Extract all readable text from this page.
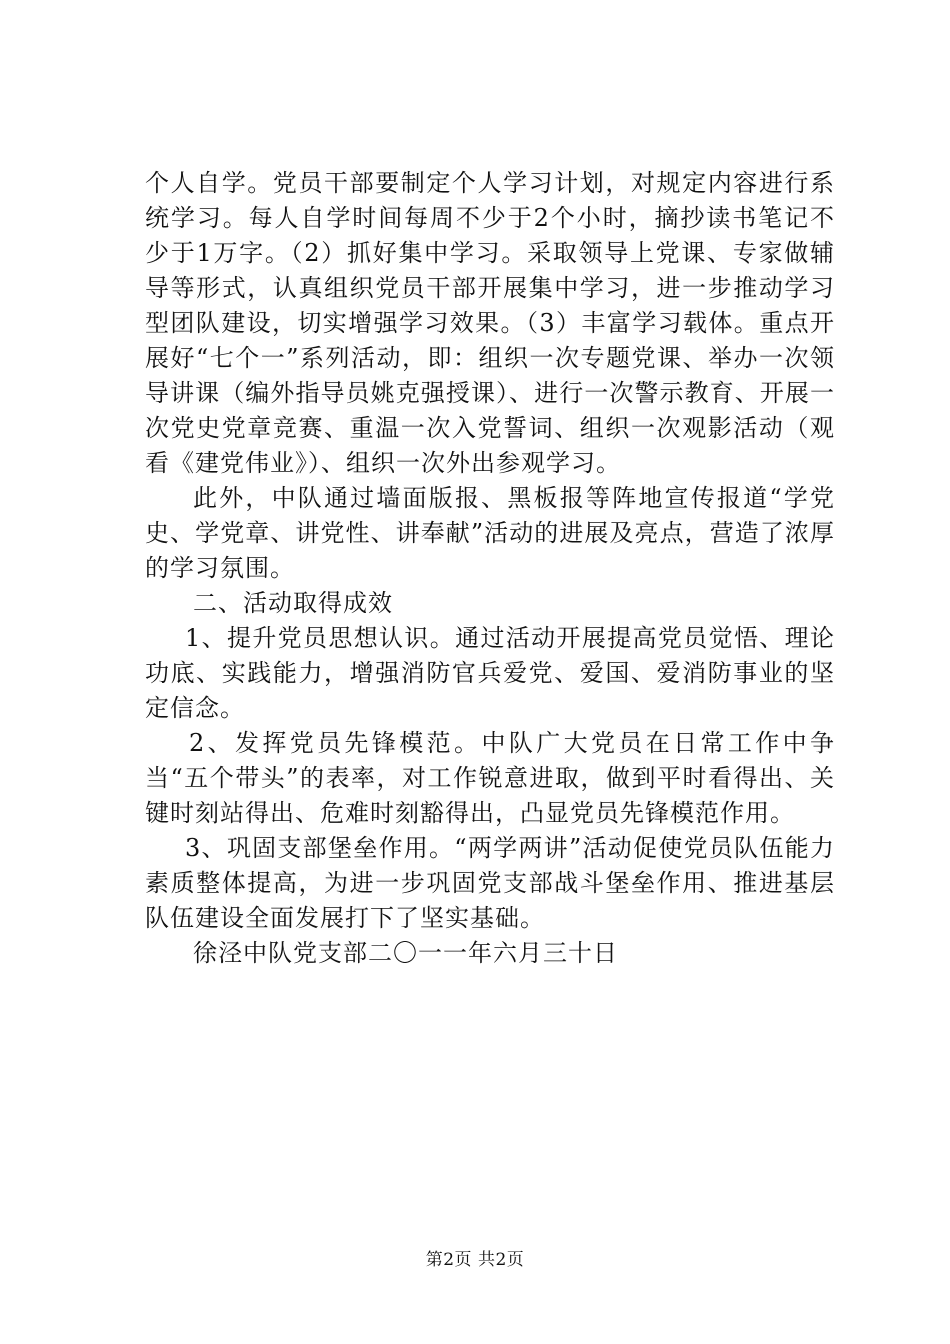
个人自学。党员干部要制定个人学习计划，对规定内容进行系统学习。每人自学时间每周不少于2个小时，摘抄读书笔记不少于1万字。（2）抓好集中学习。采取领导上党课、专家做辅导等形式，认真组织党员干部开展集中学习，进一步推动学习型团队建设，切实增强学习效果。（3）丰富学习载体。重点开展好“七个一”系列活动，即：组织一次专题党课、举办一次领导讲课（编外指导员姚克强授课）、进行一次警示教育、开展一次党史党章竞赛、重温一次入党誓词、组织一次观影活动（观看《建党伟业》）、组织一次外出参观学习。

此外，中队通过墙面版报、黑板报等阵地宣传报道“学党史、学党章、讲党性、讲奉献”活动的进展及亮点，营造了浓厚的学习氛围。

二、活动取得成效

1、提升党员思想认识。通过活动开展提高党员觉悟、理论功底、实践能力，增强消防官兵爱党、爱国、爱消防事业的坚定信念。

2、发挥党员先锋模范。中队广大党员在日常工作中争当“五个带头”的表率，对工作锐意进取，做到平时看得出、关键时刻站得出、危难时刻豁得出，凸显党员先锋模范作用。

3、巩固支部堡垒作用。“两学两讲”活动促使党员队伍能力素质整体提高，为进一步巩固党支部战斗堡垒作用、推进基层队伍建设全面发展打下了坚实基础。

徐泾中队党支部二〇一一年六月三十日

第2页 共2页
